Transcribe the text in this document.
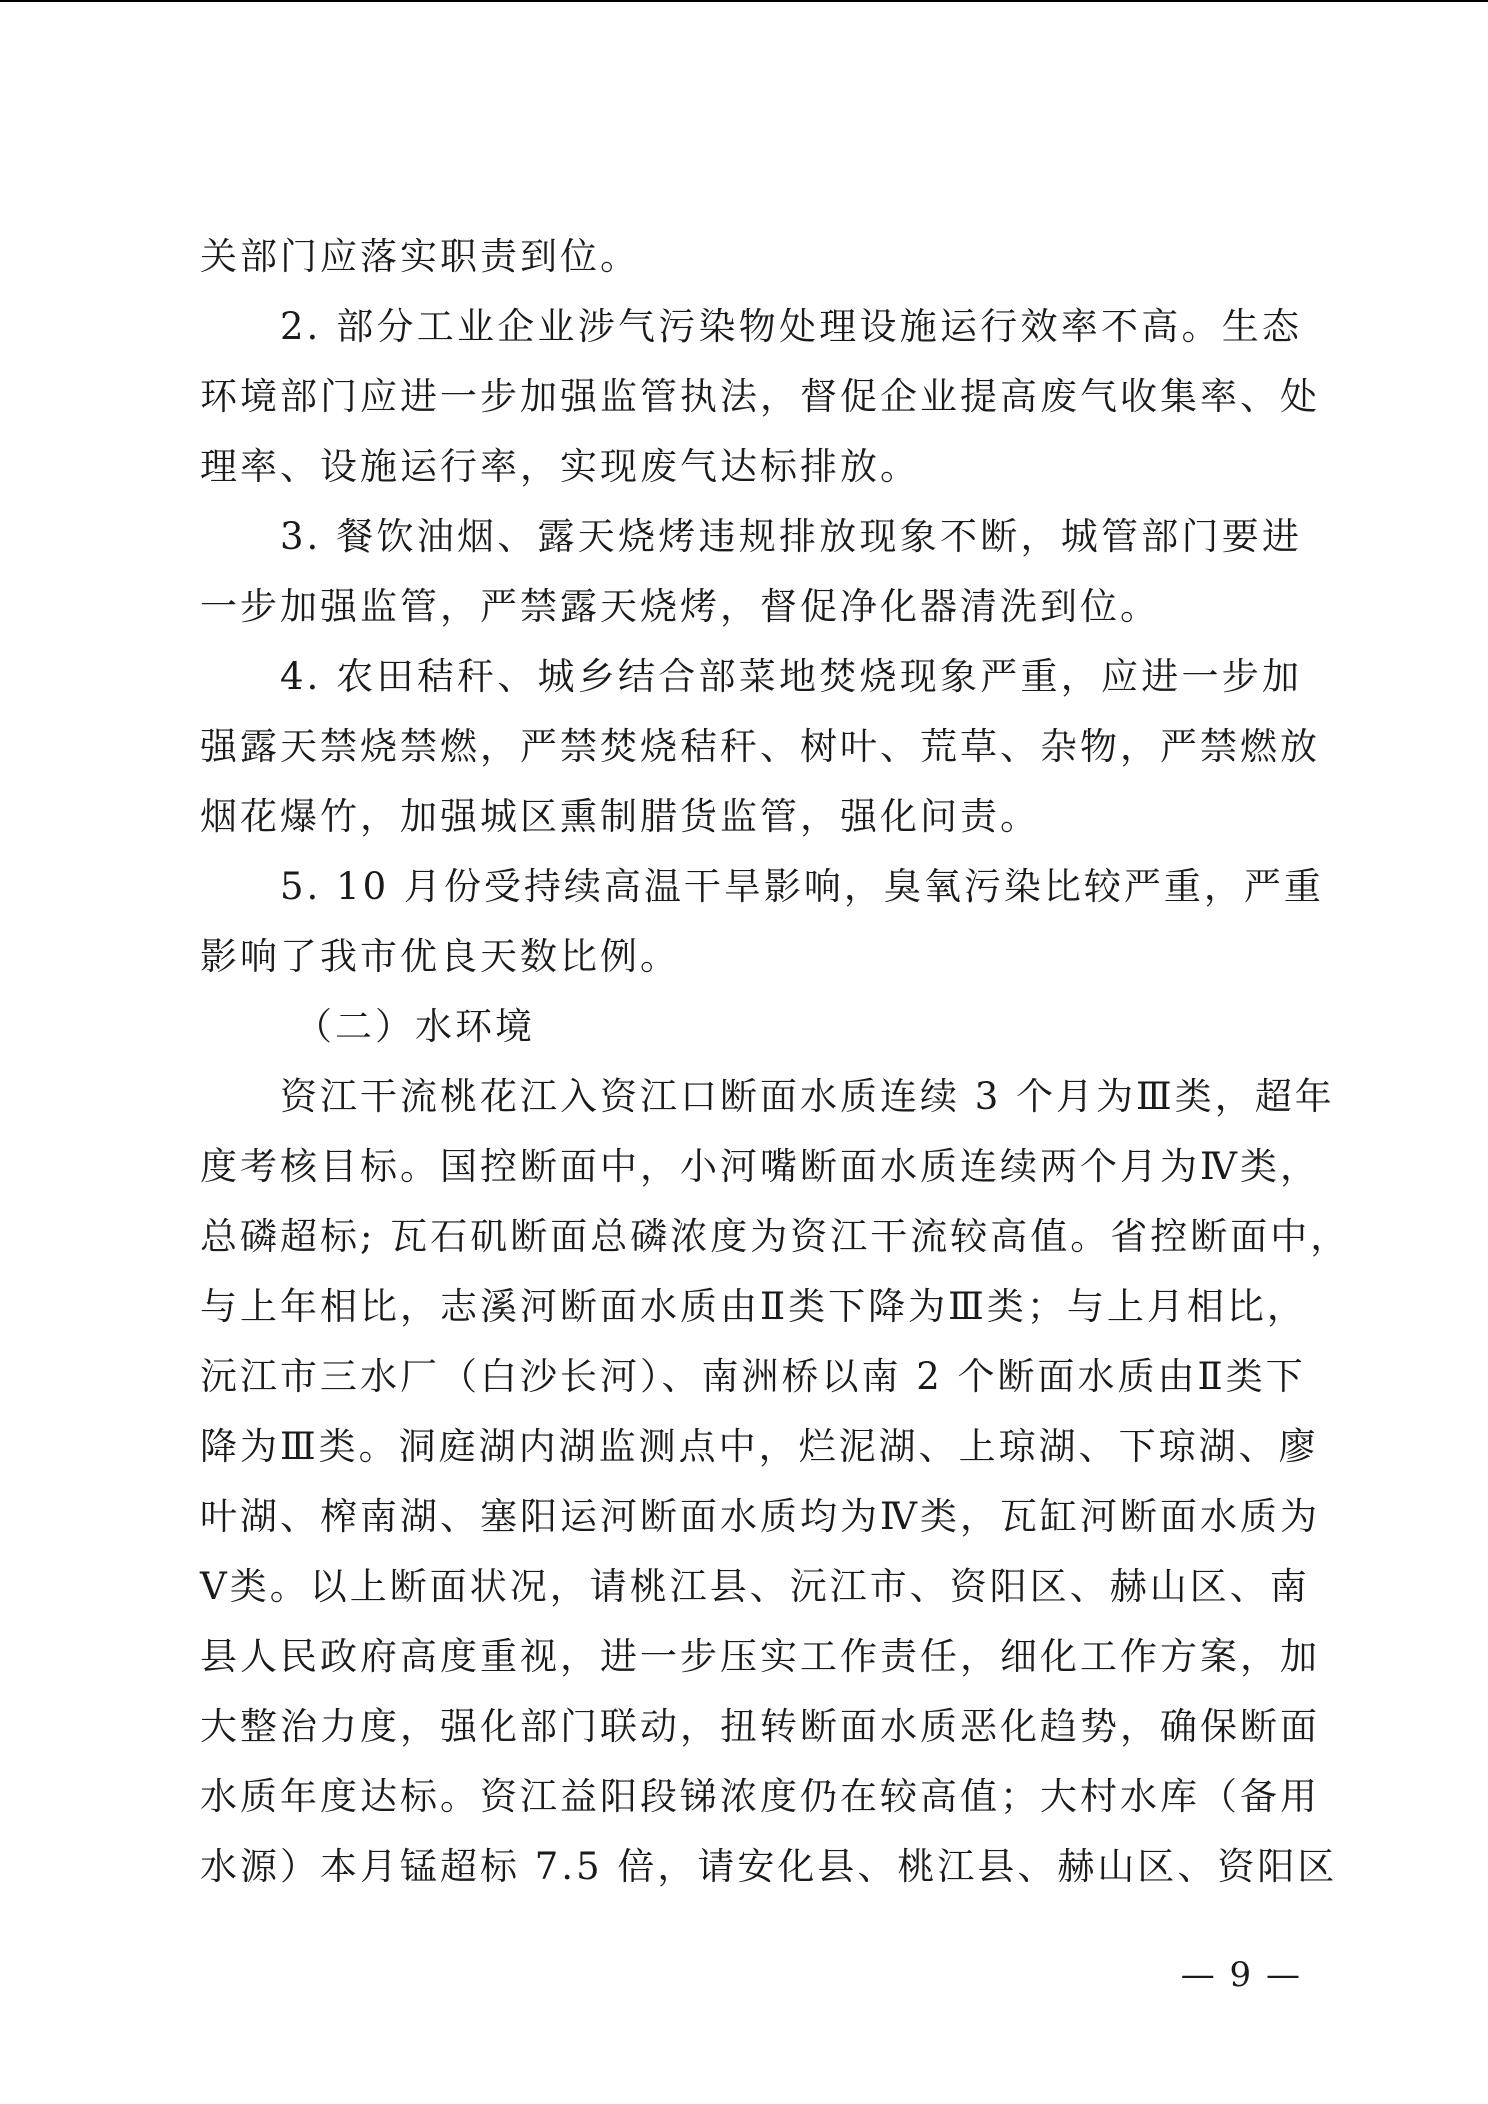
关部门应落实职责到位。
2. 部分工业企业涉气污染物处理设施运行效率不高。生态
环境部门应进一步加强监管执法，督促企业提高废气收集率、处
理率、设施运行率，实现废气达标排放。
3. 餐饮油烟、露天烧烤违规排放现象不断，城管部门要进
一步加强监管，严禁露天烧烤，督促净化器清洗到位。
4. 农田秸秆、城乡结合部菜地焚烧现象严重，应进一步加
强露天禁烧禁燃，严禁焚烧秸秆、树叶、荒草、杂物，严禁燃放
烟花爆竹，加强城区熏制腊货监管，强化问责。
5. 10 月份受持续高温干旱影响，臭氧污染比较严重，严重
影响了我市优良天数比例。
（二）水环境
资江干流桃花江入资江口断面水质连续 3 个月为Ⅲ类，超年
度考核目标。国控断面中，小河嘴断面水质连续两个月为Ⅳ类，
总磷超标; 瓦石矶断面总磷浓度为资江干流较高值。省控断面中，
与上年相比，志溪河断面水质由Ⅱ类下降为Ⅲ类；与上月相比，
沅江市三水厂（白沙长河）、南洲桥以南 2 个断面水质由Ⅱ类下
降为Ⅲ类。洞庭湖内湖监测点中，烂泥湖、上琼湖、下琼湖、廖
叶湖、榨南湖、塞阳运河断面水质均为Ⅳ类，瓦缸河断面水质为
Ⅴ类。以上断面状况，请桃江县、沅江市、资阳区、赫山区、南
县人民政府高度重视，进一步压实工作责任，细化工作方案，加
大整治力度，强化部门联动，扭转断面水质恶化趋势，确保断面
水质年度达标。资江益阳段锑浓度仍在较高值；大村水库（备用
水源）本月锰超标 7.5 倍，请安化县、桃江县、赫山区、资阳区
— 9 —
